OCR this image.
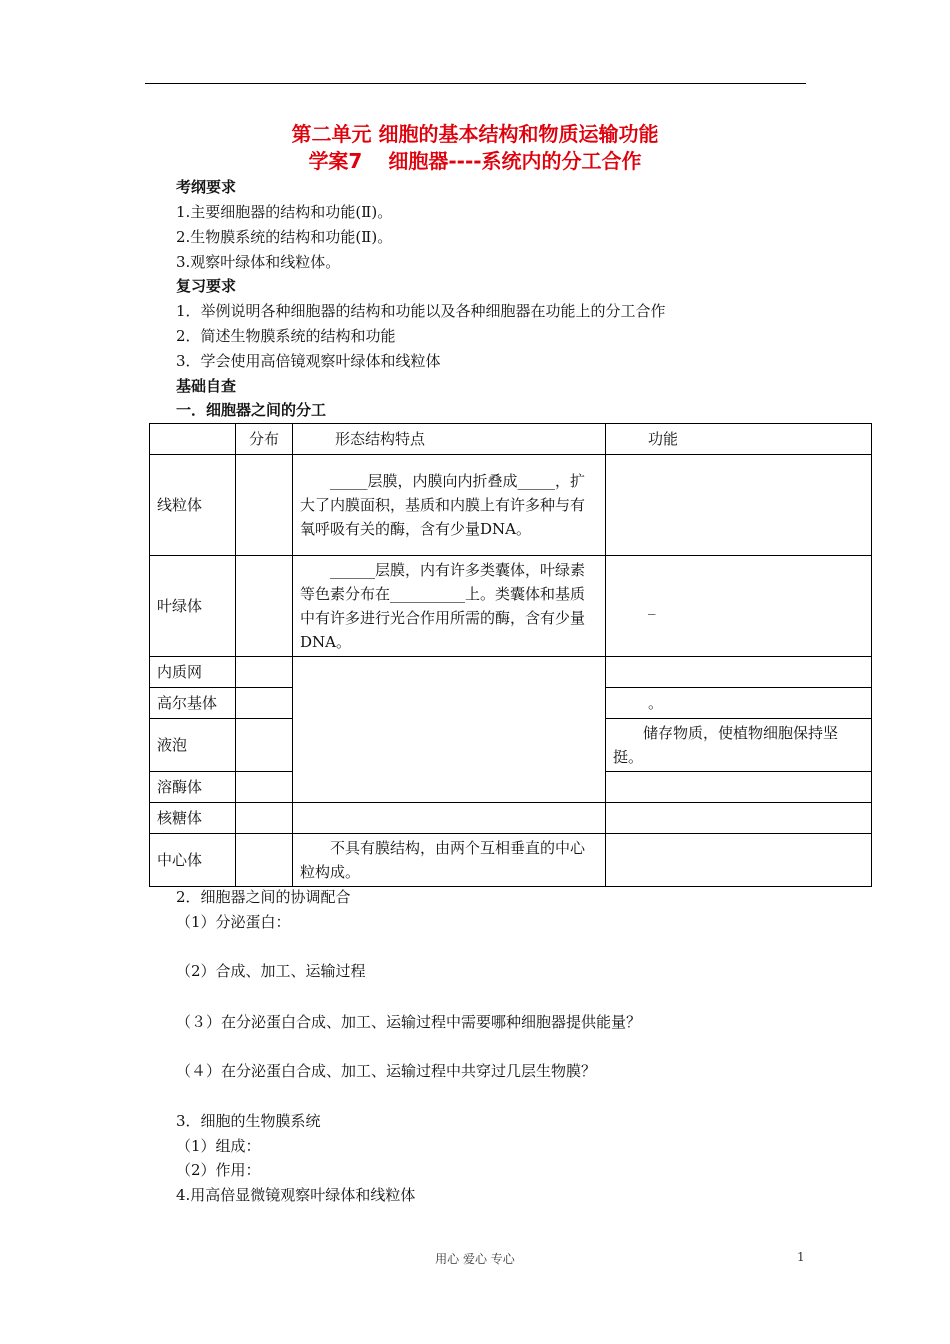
第二单元 细胞的基本结构和物质运输功能
学案7 细胞器----系统内的分工合作
考纲要求
1.主要细胞器的结构和功能(Ⅱ)。
2.生物膜系统的结构和功能(Ⅱ)。
3.观察叶绿体和线粒体。
复习要求
1．举例说明各种细胞器的结构和功能以及各种细胞器在功能上的分工合作
2．简述生物膜系统的结构和功能
3．学会使用高倍镜观察叶绿体和线粒体
基础自查
一．细胞器之间的分工
	分布	形态结构特点	功能
线粒体		_____层膜，内膜向内折叠成_____，扩大了内膜面积，基质和内膜上有许多种与有氧呼吸有关的酶，含有少量DNA。	
叶绿体		______层膜，内有许多类囊体，叶绿素等色素分布在__________上。类囊体和基质中有许多进行光合作用所需的酶，含有少量DNA。	_
内质网			
高尔基体			。
液泡			储存物质，使植物细胞保持坚挺。
溶酶体			
核糖体			
中心体		不具有膜结构，由两个互相垂直的中心粒构成。	
2．细胞器之间的协调配合
（1）分泌蛋白：
（2）合成、加工、运输过程
（３）在分泌蛋白合成、加工、运输过程中需要哪种细胞器提供能量？
（４）在分泌蛋白合成、加工、运输过程中共穿过几层生物膜？
3．细胞的生物膜系统
（1）组成：
（2）作用：
4.用高倍显微镜观察叶绿体和线粒体
用心 爱心 专心	1
